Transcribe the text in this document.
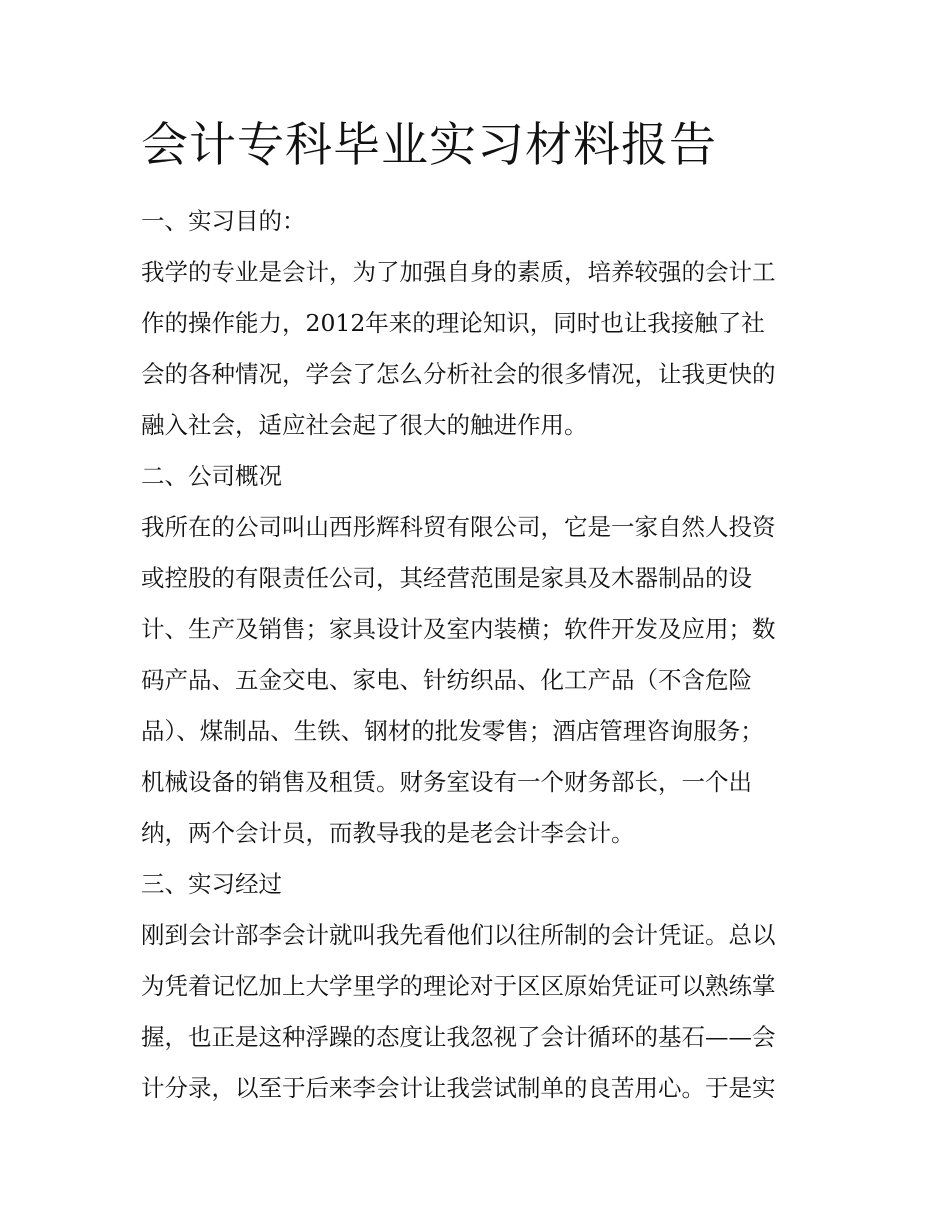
会计专科毕业实习材料报告
一、实习目的：
我学的专业是会计，为了加强自身的素质，培养较强的会计工
作的操作能力，2012年来的理论知识，同时也让我接触了社
会的各种情况，学会了怎么分析社会的很多情况，让我更快的
融入社会，适应社会起了很大的触进作用。
二、公司概况
我所在的公司叫山西彤辉科贸有限公司，它是一家自然人投资
或控股的有限责任公司，其经营范围是家具及木器制品的设
计、生产及销售；家具设计及室内装横；软件开发及应用；数
码产品、五金交电、家电、针纺织品、化工产品（不含危险
品）、煤制品、生铁、钢材的批发零售；酒店管理咨询服务；
机械设备的销售及租赁。财务室设有一个财务部长，一个出
纳，两个会计员，而教导我的是老会计李会计。
三、实习经过
刚到会计部李会计就叫我先看他们以往所制的会计凭证。总以
为凭着记忆加上大学里学的理论对于区区原始凭证可以熟练掌
握，也正是这种浮躁的态度让我忽视了会计循环的基石——会
计分录，以至于后来李会计让我尝试制单的良苦用心。于是实
